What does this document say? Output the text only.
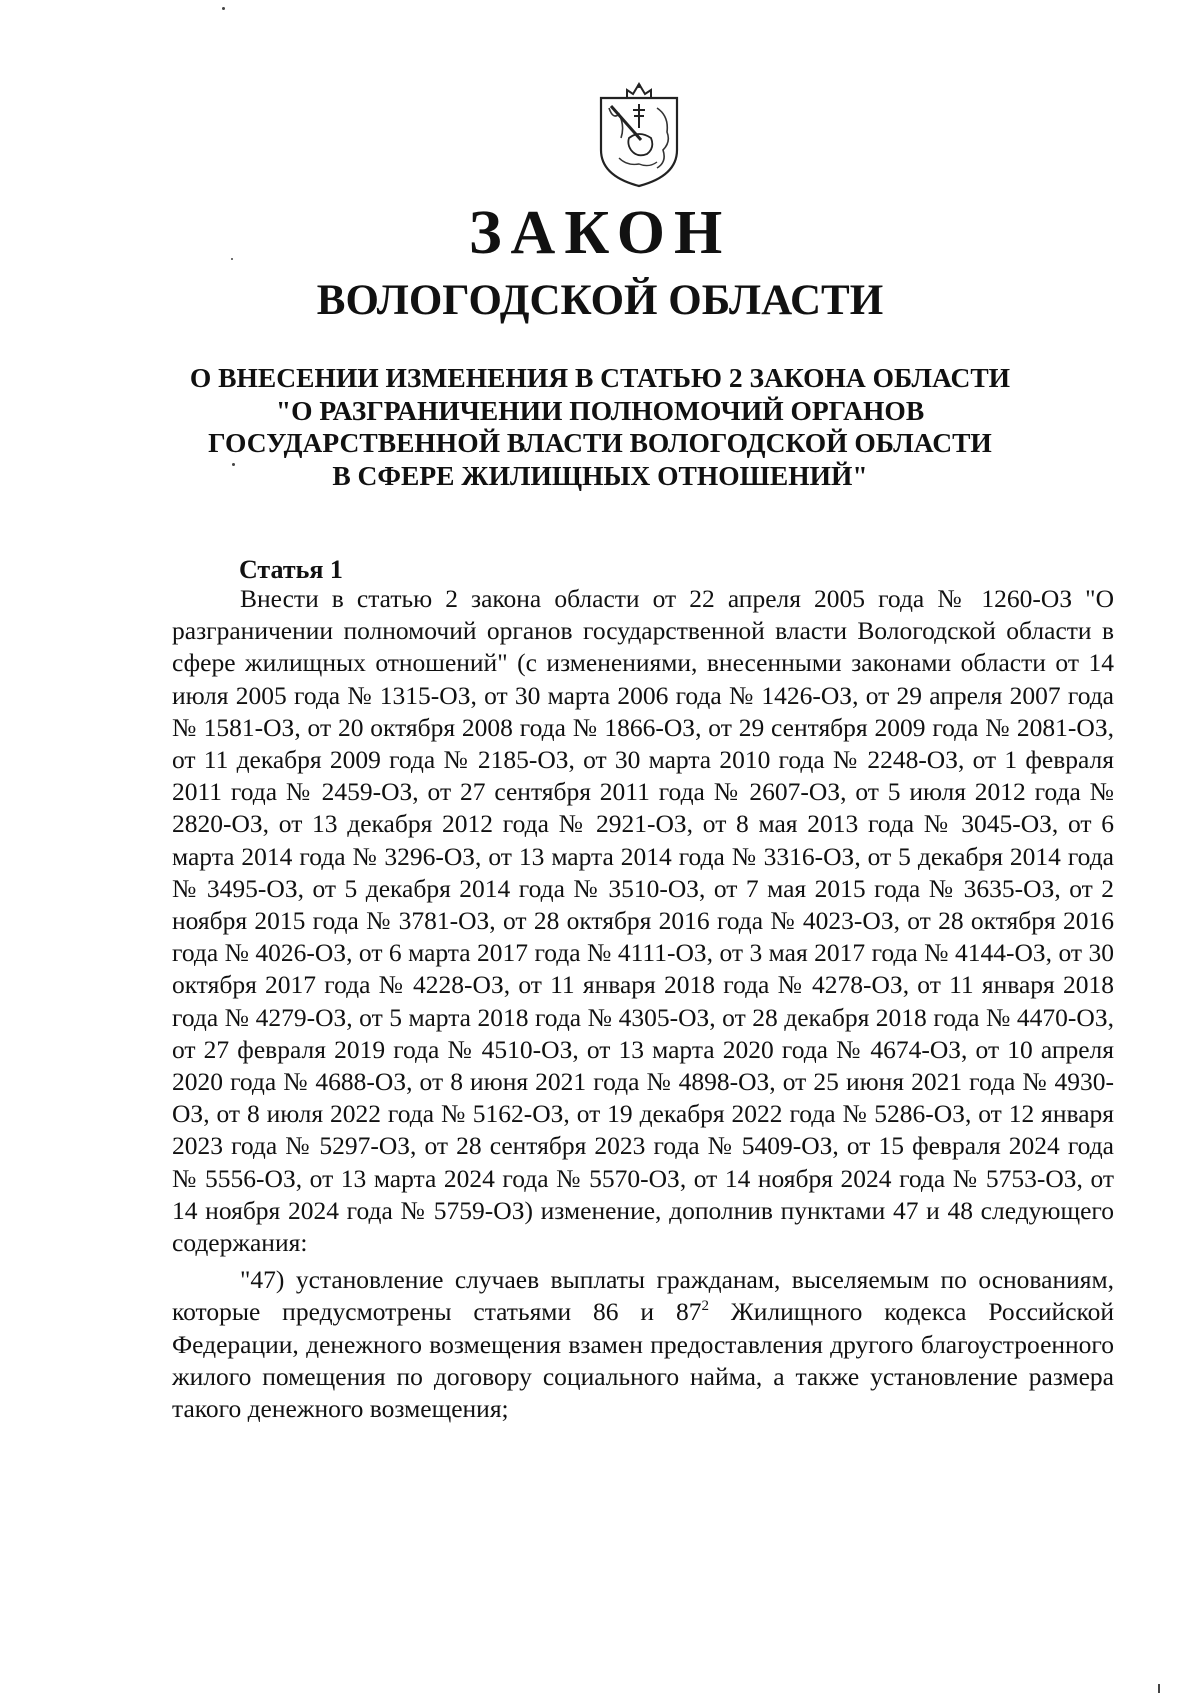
ЗАКОН
ВОЛОГОДСКОЙ ОБЛАСТИ
О ВНЕСЕНИИ ИЗМЕНЕНИЯ В СТАТЬЮ 2 ЗАКОНА ОБЛАСТИ
"О РАЗГРАНИЧЕНИИ ПОЛНОМОЧИЙ ОРГАНОВ
ГОСУДАРСТВЕННОЙ ВЛАСТИ ВОЛОГОДСКОЙ ОБЛАСТИ
В СФЕРЕ ЖИЛИЩНЫХ ОТНОШЕНИЙ"
Статья 1

Внести в статью 2 закона области от 22 апреля 2005 года № 1260-ОЗ "О разграничении полномочий органов государственной власти Вологодской области в сфере жилищных отношений" (с изменениями, внесенными законами области от 14 июля 2005 года № 1315-ОЗ, от 30 марта 2006 года № 1426-ОЗ, от 29 апреля 2007 года № 1581-ОЗ, от 20 октября 2008 года № 1866-ОЗ, от 29 сентября 2009 года № 2081-ОЗ, от 11 декабря 2009 года № 2185-ОЗ, от 30 марта 2010 года № 2248-ОЗ, от 1 февраля 2011 года № 2459-ОЗ, от 27 сентября 2011 года № 2607-ОЗ, от 5 июля 2012 года № 2820-ОЗ, от 13 декабря 2012 года № 2921-ОЗ, от 8 мая 2013 года № 3045-ОЗ, от 6 марта 2014 года № 3296-ОЗ, от 13 марта 2014 года № 3316-ОЗ, от 5 декабря 2014 года № 3495-ОЗ, от 5 декабря 2014 года № 3510-ОЗ, от 7 мая 2015 года № 3635-ОЗ, от 2 ноября 2015 года № 3781-ОЗ, от 28 октября 2016 года № 4023-ОЗ, от 28 октября 2016 года № 4026-ОЗ, от 6 марта 2017 года № 4111-ОЗ, от 3 мая 2017 года № 4144-ОЗ, от 30 октября 2017 года № 4228-ОЗ, от 11 января 2018 года № 4278-ОЗ, от 11 января 2018 года № 4279-ОЗ, от 5 марта 2018 года № 4305-ОЗ, от 28 декабря 2018 года № 4470-ОЗ, от 27 февраля 2019 года № 4510-ОЗ, от 13 марта 2020 года № 4674-ОЗ, от 10 апреля 2020 года № 4688-ОЗ, от 8 июня 2021 года № 4898-ОЗ, от 25 июня 2021 года № 4930-ОЗ, от 8 июля 2022 года № 5162-ОЗ, от 19 декабря 2022 года № 5286-ОЗ, от 12 января 2023 года № 5297-ОЗ, от 28 сентября 2023 года № 5409-ОЗ, от 15 февраля 2024 года № 5556-ОЗ, от 13 марта 2024 года № 5570-ОЗ, от 14 ноября 2024 года № 5753-ОЗ, от 14 ноября 2024 года № 5759-ОЗ) изменение, дополнив пунктами 47 и 48 следующего содержания:

"47) установление случаев выплаты гражданам, выселяемым по основаниям, которые предусмотрены статьями 86 и $87^2$ Жилищного кодекса Российской Федерации, денежного возмещения взамен предоставления другого благоустроенного жилого помещения по договору социального найма, а также установление размера такого денежного возмещения;
